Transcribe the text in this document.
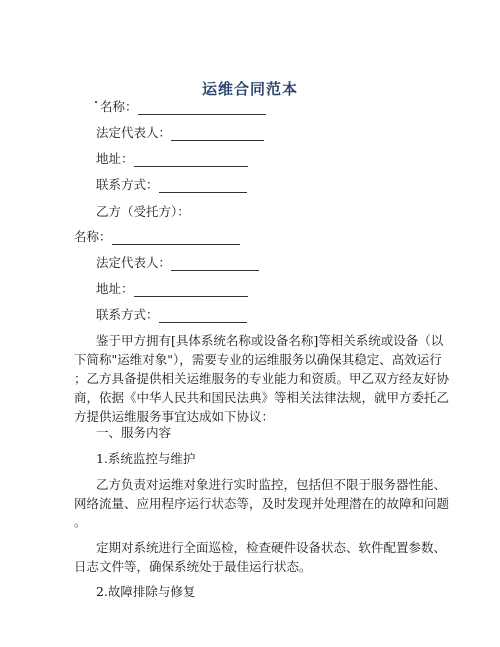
运维合同范本
名称：
法定代表人：
地址：
联系方式：
乙方（受托方）：
名称：
法定代表人：
地址：
联系方式：
鉴于甲方拥有[具体系统名称或设备名称]等相关系统或设备（以
下简称"运维对象"），需要专业的运维服务以确保其稳定、高效运行
；乙方具备提供相关运维服务的专业能力和资质。甲乙双方经友好协
商，依据《中华人民共和国民法典》等相关法律法规，就甲方委托乙
方提供运维服务事宜达成如下协议：
一、服务内容
1.系统监控与维护
乙方负责对运维对象进行实时监控，包括但不限于服务器性能、
网络流量、应用程序运行状态等，及时发现并处理潜在的故障和问题
。
定期对系统进行全面巡检，检查硬件设备状态、软件配置参数、
日志文件等，确保系统处于最佳运行状态。
2.故障排除与修复
